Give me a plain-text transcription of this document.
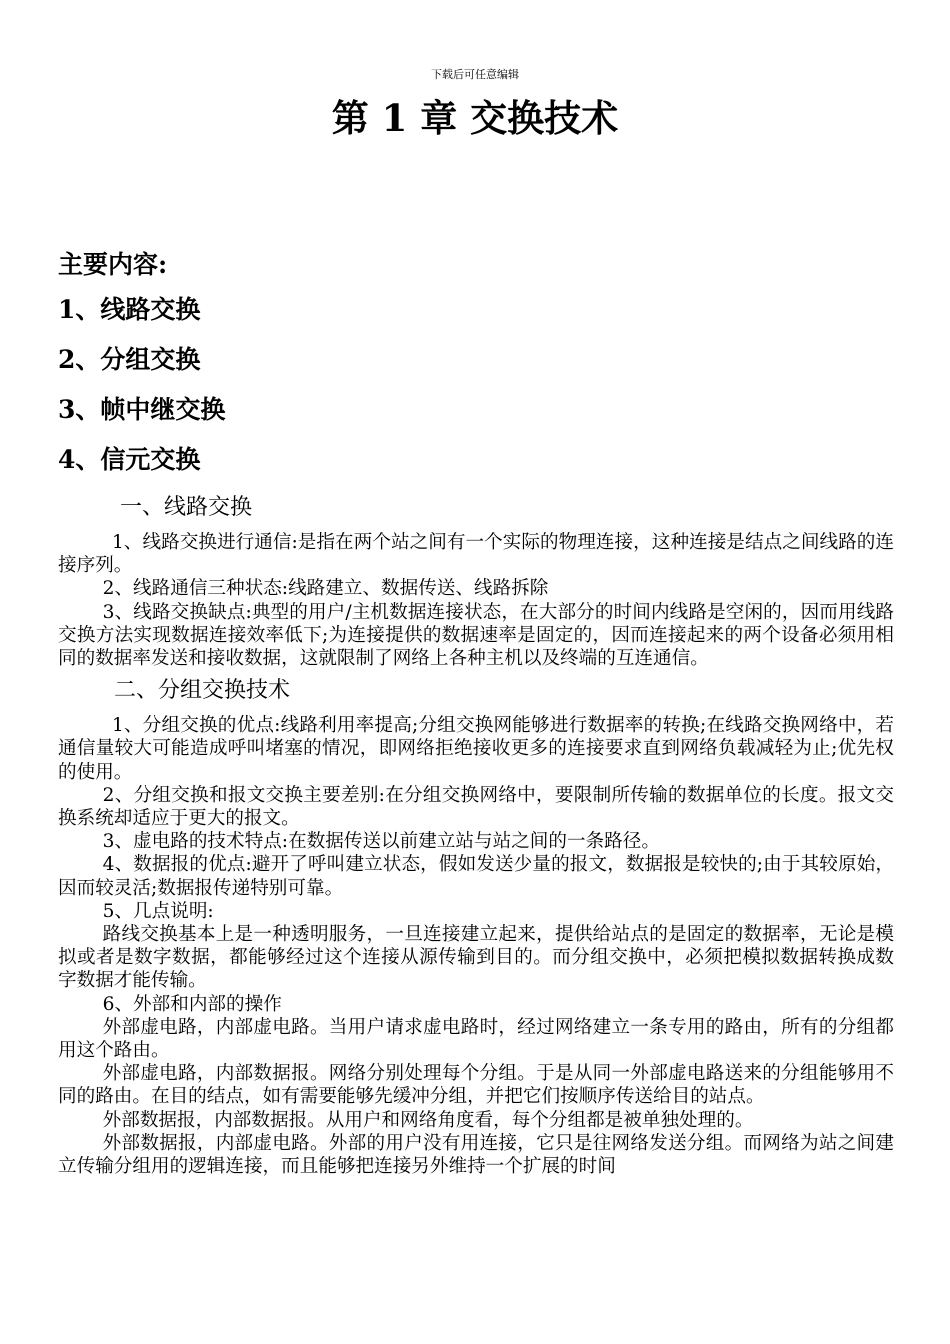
下载后可任意编辑
第 1 章 交换技术
主要内容:
1、线路交换
2、分组交换
3、帧中继交换
4、信元交换
一、线路交换

1、线路交换进行通信:是指在两个站之间有一个实际的物理连接，这种连接是结点之间线路的连接序列。

2、线路通信三种状态:线路建立、数据传送、线路拆除

3、线路交换缺点:典型的用户/主机数据连接状态，在大部分的时间内线路是空闲的，因而用线路交换方法实现数据连接效率低下;为连接提供的数据速率是固定的，因而连接起来的两个设备必须用相同的数据率发送和接收数据，这就限制了网络上各种主机以及终端的互连通信。

二、分组交换技术

1、分组交换的优点:线路利用率提高;分组交换网能够进行数据率的转换;在线路交换网络中，若通信量较大可能造成呼叫堵塞的情况，即网络拒绝接收更多的连接要求直到网络负载减轻为止;优先权的使用。

2、分组交换和报文交换主要差别:在分组交换网络中，要限制所传输的数据单位的长度。报文交换系统却适应于更大的报文。

3、虚电路的技术特点:在数据传送以前建立站与站之间的一条路径。

4、数据报的优点:避开了呼叫建立状态，假如发送少量的报文，数据报是较快的;由于其较原始，因而较灵活;数据报传递特别可靠。

5、几点说明:

路线交换基本上是一种透明服务，一旦连接建立起来，提供给站点的是固定的数据率，无论是模拟或者是数字数据，都能够经过这个连接从源传输到目的。而分组交换中，必须把模拟数据转换成数字数据才能传输。

6、外部和内部的操作

外部虚电路，内部虚电路。当用户请求虚电路时，经过网络建立一条专用的路由，所有的分组都用这个路由。

外部虚电路，内部数据报。网络分别处理每个分组。于是从同一外部虚电路送来的分组能够用不同的路由。在目的结点，如有需要能够先缓冲分组，并把它们按顺序传送给目的站点。

外部数据报，内部数据报。从用户和网络角度看，每个分组都是被单独处理的。

外部数据报，内部虚电路。外部的用户没有用连接，它只是往网络发送分组。而网络为站之间建立传输分组用的逻辑连接，而且能够把连接另外维持一个扩展的时间
